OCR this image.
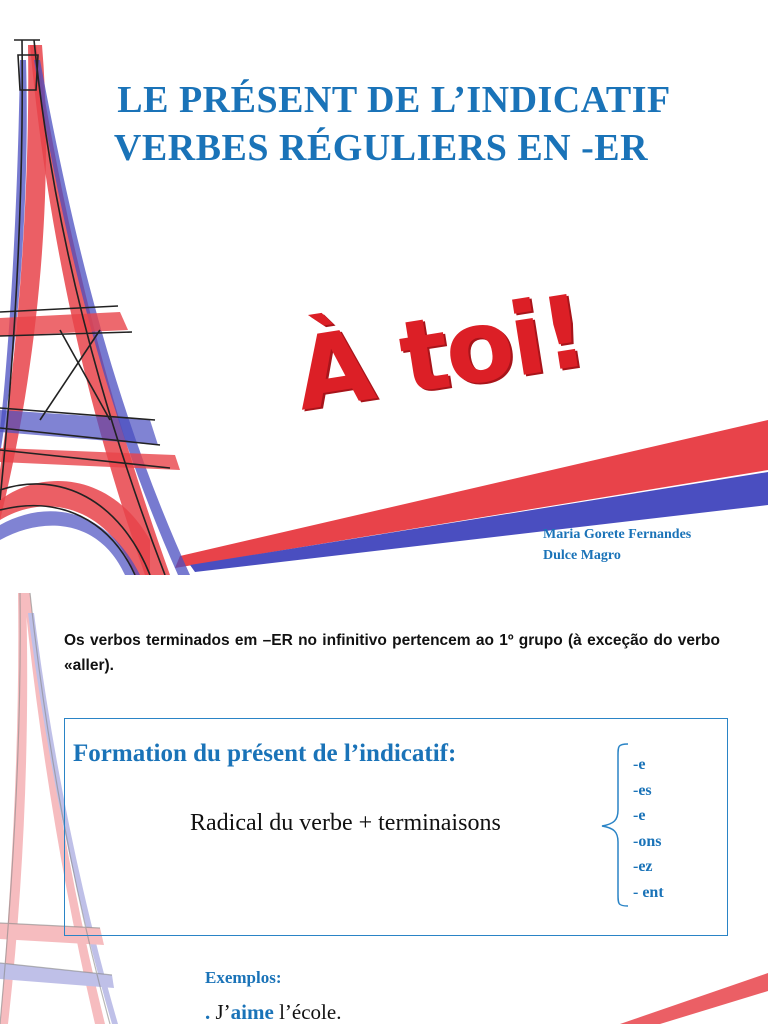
LE PRÉSENT DE L’INDICATIF
VERBES RÉGULIERS EN -ER
À toi!
Maria Gorete Fernandes
Dulce Magro
Os verbos terminados em –ER no infinitivo pertencem ao 1º grupo (à exceção do verbo «aller).
Formation du présent de l’indicatif:
Radical du verbe + terminaisons
-e
-es
-e
-ons
-ez
- ent
Exemplos:
. J’aime l’école.
